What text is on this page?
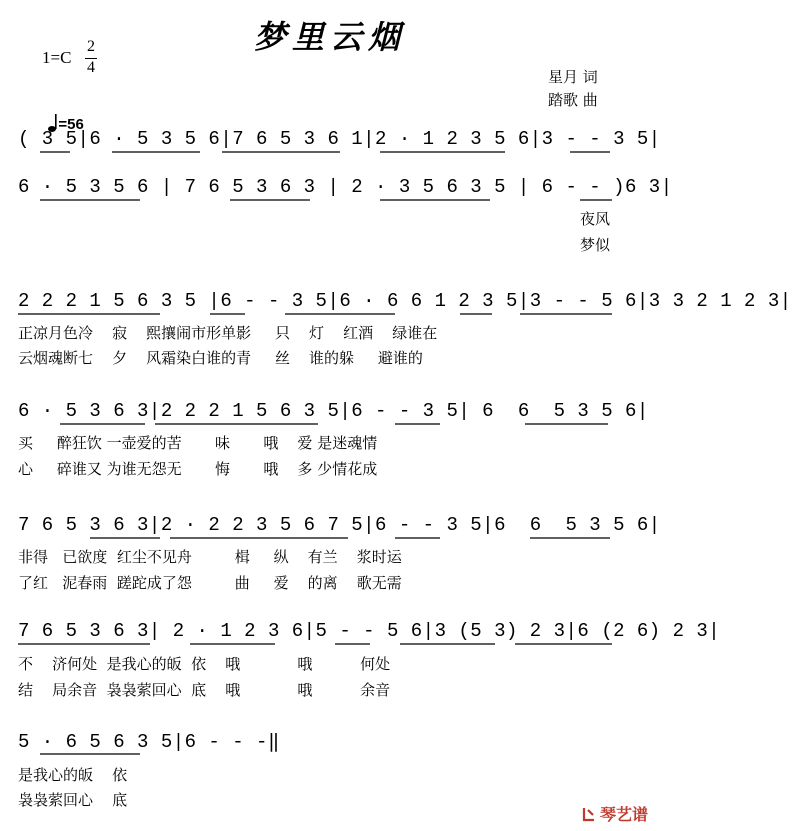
梦里云烟
星月 词
踏歌 曲
1=C
2
4

=56

( 3 5|6 · 5 3 5 6|7 6 5 3 6 1|2 · 1 2 3 5 6|3 - - 3 5|
6 · 5 3 5 6 | 7 6 5 3 6 3 | 2 · 3 5 6 3 5 | 6 - - )6 3|
夜风
梦似
2 2 2 1 5 6 3 5 |6 - - 3 5|6 · 6 6 1 2 3 5|3 - - 5 6|3 3 2 1 2 3|
正凉月色冷    寂    熙攘闹市形单影     只    灯    红酒    绿谁在
云烟魂断七    夕    风霜染白谁的青     丝    谁的躲     避谁的
6 · 5 3 6 3|2 2 2 1 5 6 3 5|6 - - 3 5| 6  6  5 3 5 6|
买     醉狂饮 一壶爱的苦       味       哦    爱 是迷魂情
心     碎谁又 为谁无怨无       悔       哦    多 少情花成
7 6 5 3 6 3|2 · 2 2 3 5 6 7 5|6 - - 3 5|6  6  5 3 5 6|
非得   已欲度  红尘不见舟         楫     纵    有兰    浆时运
了红   泥春雨  蹉跎成了怨         曲     爱    的离    歌无需
7 6 5 3 6 3| 2 · 1 2 3 6|5 - - 5 6|3 (5 3) 2 3|6 (2 6) 2 3|
不    济何处  是我心的皈  依    哦            哦          何处
结    局余音  袅袅萦回心  底    哦            哦          余音
5 · 6 5 6 3 5|6 - - -‖
是我心的皈    依
袅袅萦回心    底
琴艺谱
